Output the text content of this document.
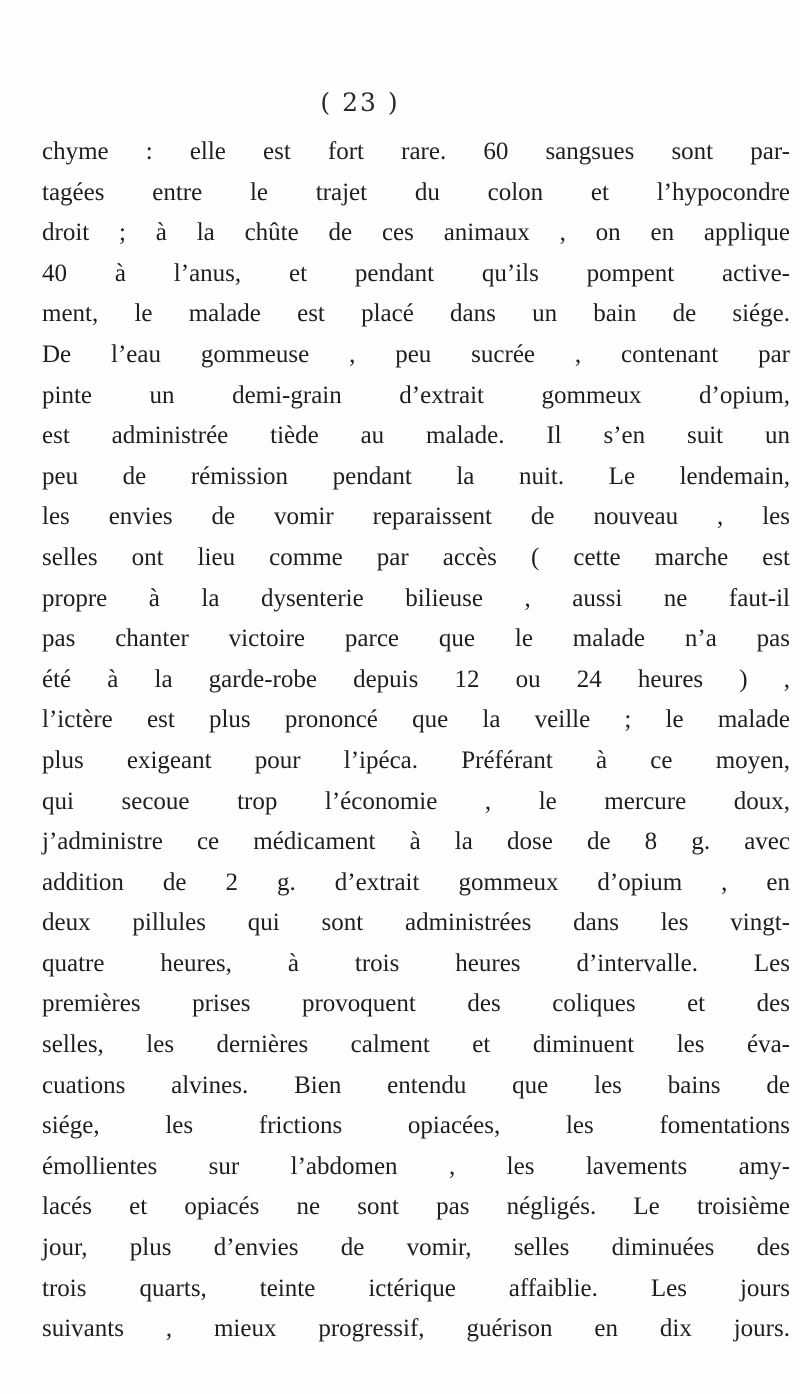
( 23 )
chyme : elle est fort rare. 60 sangsues sont par-
tagées entre le trajet du colon et l’hypocondre
droit ; à la chûte de ces animaux , on en applique
40 à l’anus, et pendant qu’ils pompent active-
ment, le malade est placé dans un bain de siége.
De l’eau gommeuse , peu sucrée , contenant par
pinte un demi-grain d’extrait gommeux d’opium,
est administrée tiède au malade. Il s’en suit un
peu de rémission pendant la nuit. Le lendemain,
les envies de vomir reparaissent de nouveau , les
selles ont lieu comme par accès ( cette marche est
propre à la dysenterie bilieuse , aussi ne faut-il
pas chanter victoire parce que le malade n’a pas
été à la garde-robe depuis 12 ou 24 heures ) ,
l’ictère est plus prononcé que la veille ; le malade
plus exigeant pour l’ipéca. Préférant à ce moyen,
qui secoue trop l’économie , le mercure doux,
j’administre ce médicament à la dose de 8 g. avec
addition de 2 g. d’extrait gommeux d’opium , en
deux pillules qui sont administrées dans les vingt-
quatre heures, à trois heures d’intervalle. Les
premières prises provoquent des coliques et des
selles, les dernières calment et diminuent les éva-
cuations alvines. Bien entendu que les bains de
siége, les frictions opiacées, les fomentations
émollientes sur l’abdomen , les lavements amy-
lacés et opiacés ne sont pas négligés. Le troisième
jour, plus d’envies de vomir, selles diminuées des
trois quarts, teinte ictérique affaiblie. Les jours
suivants , mieux progressif, guérison en dix jours.
